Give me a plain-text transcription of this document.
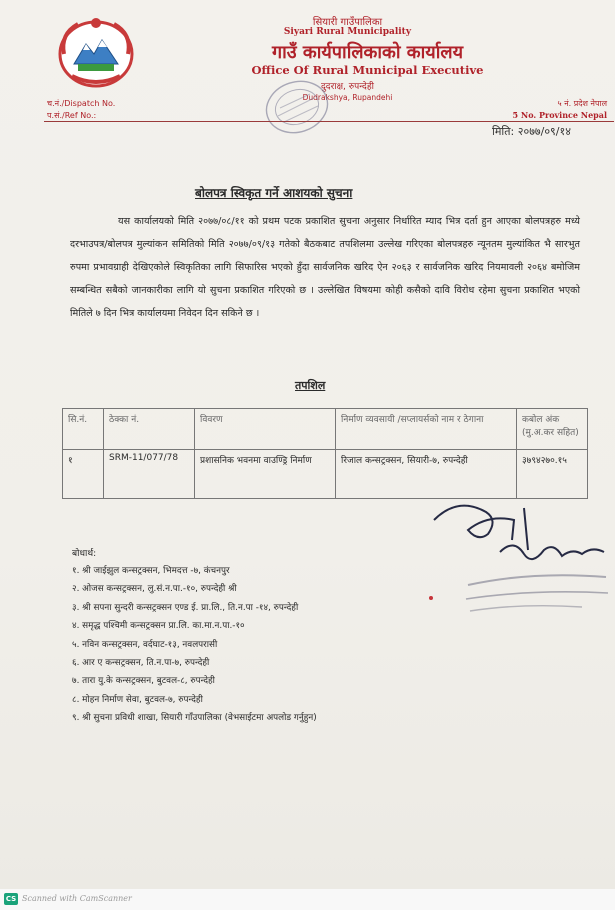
सियारी गाउँपालिका
Siyari Rural Municipality
गाउँ कार्यपालिकाको कार्यालय
Office Of Rural Municipal Executive
दुदराक्ष, रुपन्देही
Dudrakshya, Rupandehi
च.नं./Dispatch No.
प.सं./Ref No.:
५ नं. प्रदेश नेपाल
5 No. Province Nepal
मिति: २०७७/०९/१४
बोलपत्र स्विकृत गर्ने आशयको सुचना
यस कार्यालयको मिति २०७७/०८/११ को प्रथम पटक प्रकाशित सुचना अनुसार निर्धारित म्याद भित्र दर्ता हुन आएका बोलपत्रहरु मध्ये दरभाउपत्र/बोलपत्र मुल्यांकन समितिको मिति २०७७/०९/१३ गतेको बैठकबाट तपशिलमा उल्लेख गरिएका बोलपत्रहरु न्यूनतम मुल्यांकित भै सारभुत रुपमा प्रभावग्राही देखिएकोले स्विकृतिका लागि सिफारिस भएकाे हुँदा सार्वजनिक खरिद ऐन २०६३ र सार्वजनिक खरिद नियमावली २०६४ बमोजिम सम्बन्धित सबैको जानकारीका लागि यो सुचना प्रकाशित गरिएको छ । उल्लेखित विषयमा कोही कसैको दावि विरोध रहेमा सुचना प्रकाशित भएको मितिले ७ दिन भित्र कार्यालयमा निवेदन दिन सकिने छ ।
तपशिल
सि.नं.	ठेक्का नं.	विवरण	निर्माण व्यवसायी /सप्लायर्सको नाम र ठेगाना	कबोल अंक (मु.अ.कर सहित)
१	SRM-11/077/78	प्रशासनिक भवनमा वाउण्ड्रि निर्माण	रिजाल कन्सट्रक्सन, सियारी-७, रुपन्देही	३७९४२७०.१५
बोधार्थ:
१. श्री जाईझुल कन्सट्रक्सन, भिमदत्त -७, कंचनपुर
२. ओजस कन्सट्रक्सन, लु.सं.न.पा.-१०, रुपन्देही श्री
३. श्री सपना सुन्दरी कन्सट्रक्सन एण्ड ई. प्रा.लि., ति.न.पा -१४, रुपन्देही
४. समृद्ध पश्चिमी कन्सट्रक्सन प्रा.लि. का.मा.न.पा.-१०
५. नविन कन्सट्रक्सन, वर्दघाट-१३, नवलपरासी
६. आर ए कन्सट्रक्सन, ति.न.पा-७, रुपन्देही
७. तारा यु.के कन्सट्रक्सन, बुटवल-८, रुपन्देही
८. मोहन निर्माण सेवा, बुटवल-७, रुपन्देही
९. श्री सुचना प्रविधी शाखा, सियारी गाँउपालिका (वेभसाईटमा अपलोड गर्नुहुन)
CS Scanned with CamScanner
